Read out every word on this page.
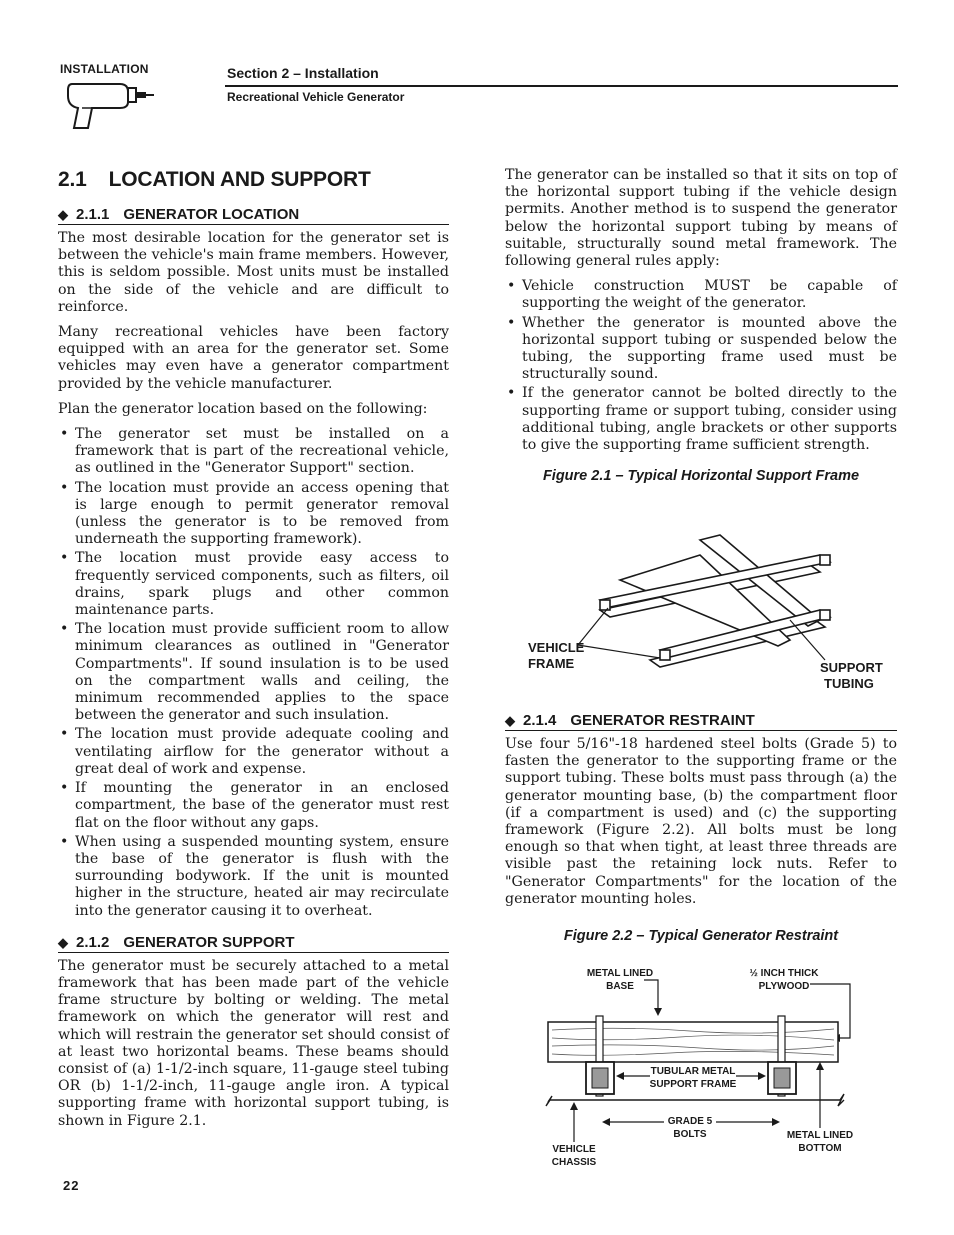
INSTALLATION	Section 2 – Installation
Recreational Vehicle Generator
2.1 LOCATION AND SUPPORT
◆ 2.1.1 GENERATOR LOCATION

The most desirable location for the generator set is between the vehicle's main frame members. However, this is seldom possible. Most units must be installed on the side of the vehicle and are difficult to reinforce.

Many recreational vehicles have been factory equipped with an area for the generator set. Some vehicles may even have a generator compartment provided by the vehicle manufacturer.

Plan the generator location based on the following:

• The generator set must be installed on a framework that is part of the recreational vehicle, as outlined in the "Generator Support" section.
• The location must provide an access opening that is large enough to permit generator removal (unless the generator is to be removed from underneath the supporting framework).
• The location must provide easy access to frequently serviced components, such as filters, oil drains, spark plugs and other common maintenance parts.
• The location must provide sufficient room to allow minimum clearances as outlined in "Generator Compartments". If sound insulation is to be used on the compartment walls and ceiling, the minimum recommended applies to the space between the generator and such insulation.
• The location must provide adequate cooling and ventilating airflow for the generator without a great deal of work and expense.
• If mounting the generator in an enclosed compartment, the base of the generator must rest flat on the floor without any gaps.
• When using a suspended mounting system, ensure the base of the generator is flush with the surrounding bodywork. If the unit is mounted higher in the structure, heated air may recirculate into the generator causing it to overheat.
◆ 2.1.2 GENERATOR SUPPORT

The generator must be securely attached to a metal framework that has been made part of the vehicle frame structure by bolting or welding. The metal framework on which the generator will rest and which will restrain the generator set should consist of at least two horizontal beams. These beams should consist of (a) 1-1/2-inch square, 11-gauge steel tubing OR (b) 1-1/2-inch, 11-gauge angle iron. A typical supporting frame with horizontal support tubing, is shown in Figure 2.1.

The generator can be installed so that it sits on top of the horizontal support tubing if the vehicle design permits. Another method is to suspend the generator below the horizontal support tubing by means of suitable, structurally sound metal framework. The following general rules apply:

• Vehicle construction MUST be capable of supporting the weight of the generator.
• Whether the generator is mounted above the horizontal support tubing or suspended below the tubing, the supporting frame used must be structurally sound.
• If the generator cannot be bolted directly to the supporting frame or support tubing, consider using additional tubing, angle brackets or other supports to give the supporting frame sufficient strength.
Figure 2.1 – Typical Horizontal Support Frame
VEHICLE
FRAME	SUPPORT
TUBING
◆ 2.1.4 GENERATOR RESTRAINT

Use four 5/16"-18 hardened steel bolts (Grade 5) to fasten the generator to the supporting frame or the support tubing. These bolts must pass through (a) the generator mounting base, (b) the compartment floor (if a compartment is used) and (c) the supporting framework (Figure 2.2). All bolts must be long enough so that when tight, at least three threads are visible past the retaining lock nuts. Refer to "Generator Compartments" for the location of the generator mounting holes.

Figure 2.2 – Typical Generator Restraint
METAL LINED
BASE
½ INCH THICK
PLYWOOD
TUBULAR METAL
SUPPORT FRAME
GRADE 5
BOLTS
VEHICLE
CHASSIS
METAL LINED
BOTTOM
22
